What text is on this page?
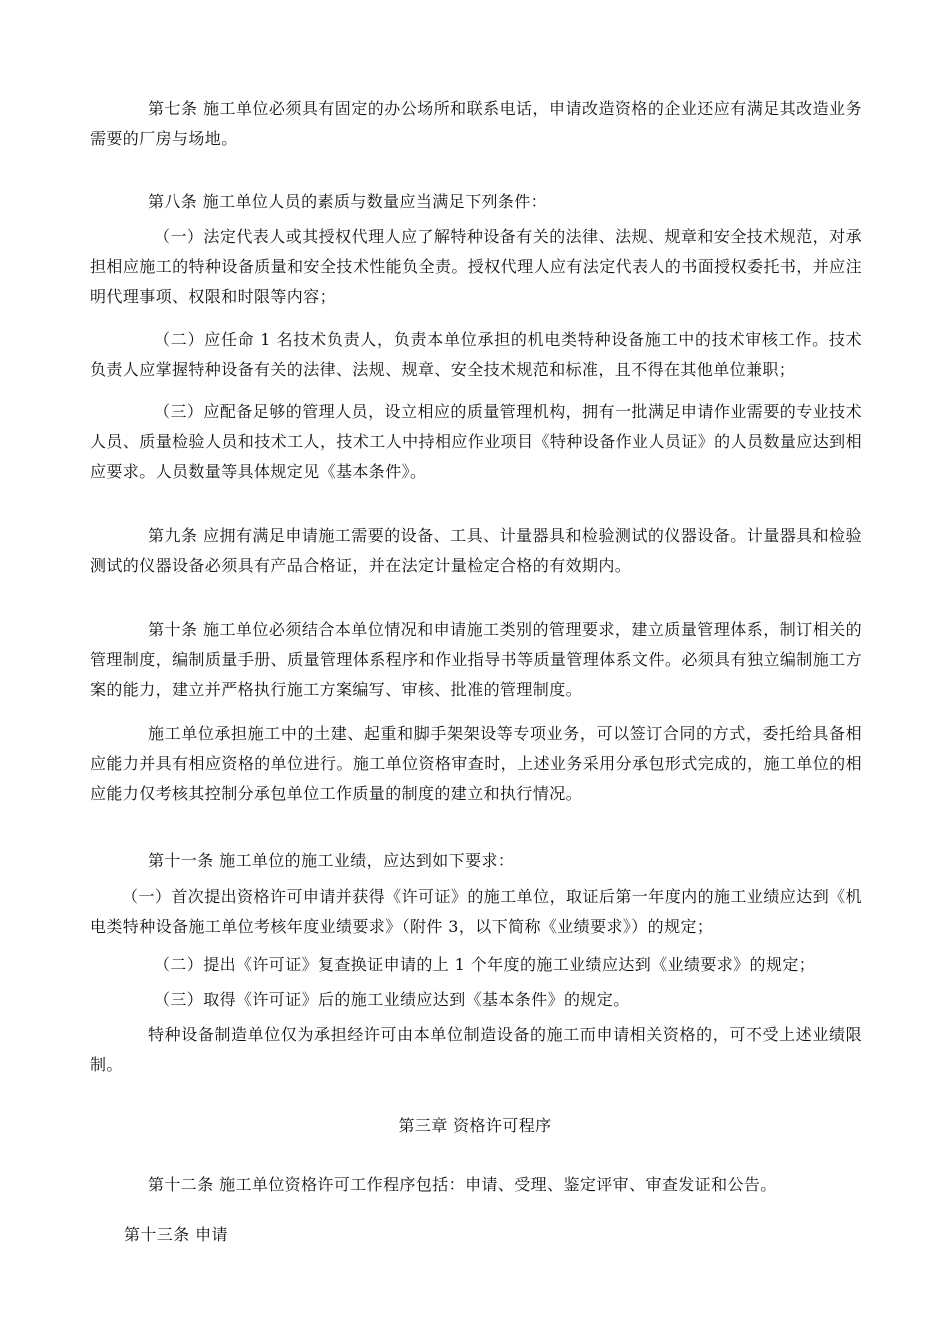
第七条 施工单位必须具有固定的办公场所和联系电话，申请改造资格的企业还应有满足其改造业务需要的厂房与场地。

第八条 施工单位人员的素质与数量应当满足下列条件：

（一）法定代表人或其授权代理人应了解特种设备有关的法律、法规、规章和安全技术规范，对承担相应施工的特种设备质量和安全技术性能负全责。授权代理人应有法定代表人的书面授权委托书，并应注明代理事项、权限和时限等内容；

（二）应任命 1 名技术负责人，负责本单位承担的机电类特种设备施工中的技术审核工作。技术负责人应掌握特种设备有关的法律、法规、规章、安全技术规范和标准，且不得在其他单位兼职；

（三）应配备足够的管理人员，设立相应的质量管理机构，拥有一批满足申请作业需要的专业技术人员、质量检验人员和技术工人，技术工人中持相应作业项目《特种设备作业人员证》的人员数量应达到相应要求。人员数量等具体规定见《基本条件》。

第九条 应拥有满足申请施工需要的设备、工具、计量器具和检验测试的仪器设备。计量器具和检验测试的仪器设备必须具有产品合格证，并在法定计量检定合格的有效期内。

第十条 施工单位必须结合本单位情况和申请施工类别的管理要求，建立质量管理体系，制订相关的管理制度，编制质量手册、质量管理体系程序和作业指导书等质量管理体系文件。必须具有独立编制施工方案的能力，建立并严格执行施工方案编写、审核、批准的管理制度。

施工单位承担施工中的土建、起重和脚手架架设等专项业务，可以签订合同的方式，委托给具备相应能力并具有相应资格的单位进行。施工单位资格审查时，上述业务采用分承包形式完成的，施工单位的相应能力仅考核其控制分承包单位工作质量的制度的建立和执行情况。

第十一条 施工单位的施工业绩，应达到如下要求：

（一）首次提出资格许可申请并获得《许可证》的施工单位，取证后第一年度内的施工业绩应达到《机电类特种设备施工单位考核年度业绩要求》（附件 3，以下简称《业绩要求》）的规定；

（二）提出《许可证》复查换证申请的上 1 个年度的施工业绩应达到《业绩要求》的规定；

（三）取得《许可证》后的施工业绩应达到《基本条件》的规定。

特种设备制造单位仅为承担经许可由本单位制造设备的施工而申请相关资格的，可不受上述业绩限制。

第三章 资格许可程序

第十二条 施工单位资格许可工作程序包括：申请、受理、鉴定评审、审查发证和公告。

第十三条 申请
